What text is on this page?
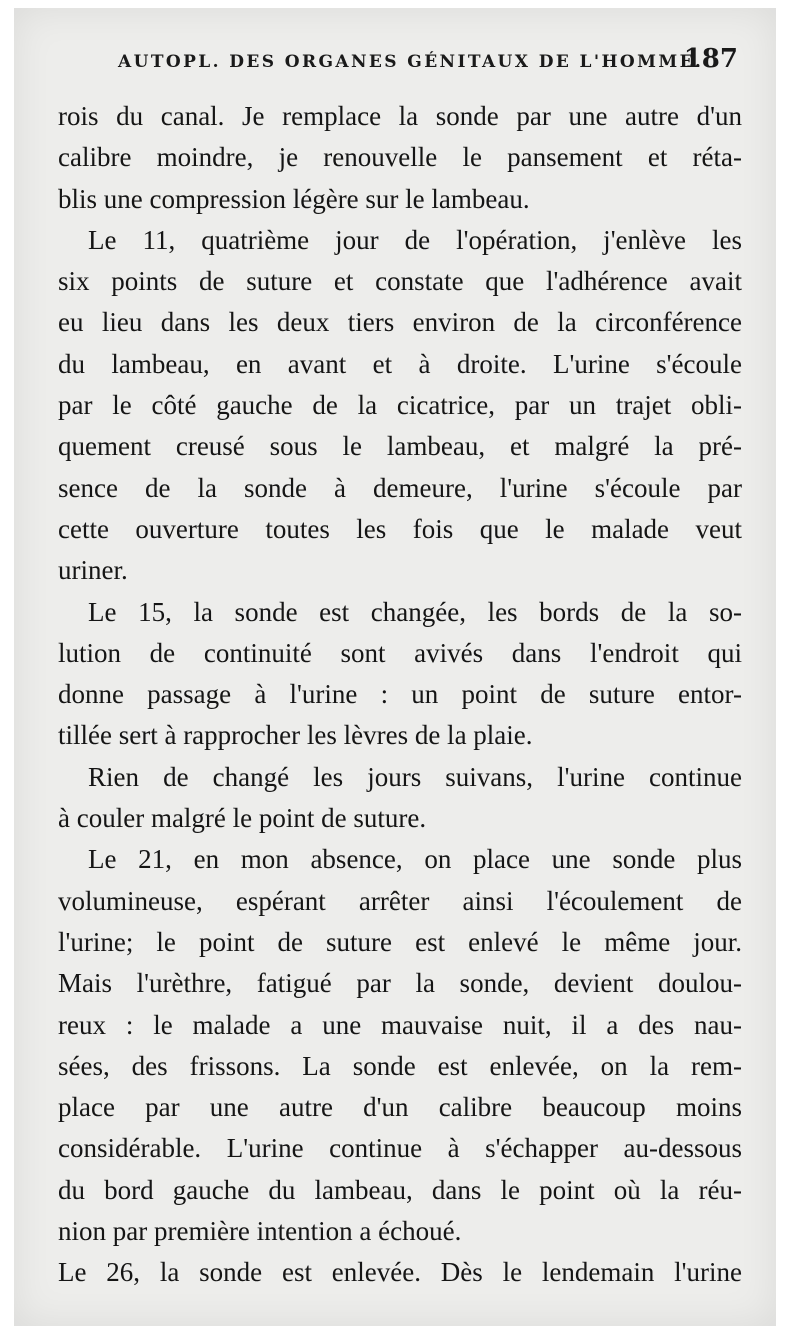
AUTOPL. DES ORGANES GÉNITAUX DE L'HOMME.
187
rois du canal. Je remplace la sonde par une autre d'un
calibre moindre, je renouvelle le pansement et réta-
blis une compression légère sur le lambeau.
Le 11, quatrième jour de l'opération, j'enlève les
six points de suture et constate que l'adhérence avait
eu lieu dans les deux tiers environ de la circonférence
du lambeau, en avant et à droite. L'urine s'écoule
par le côté gauche de la cicatrice, par un trajet obli-
quement creusé sous le lambeau, et malgré la pré-
sence de la sonde à demeure, l'urine s'écoule par
cette ouverture toutes les fois que le malade veut
uriner.
Le 15, la sonde est changée, les bords de la so-
lution de continuité sont avivés dans l'endroit qui
donne passage à l'urine : un point de suture entor-
tillée sert à rapprocher les lèvres de la plaie.
Rien de changé les jours suivans, l'urine continue
à couler malgré le point de suture.
Le 21, en mon absence, on place une sonde plus
volumineuse, espérant arrêter ainsi l'écoulement de
l'urine; le point de suture est enlevé le même jour.
Mais l'urèthre, fatigué par la sonde, devient doulou-
reux : le malade a une mauvaise nuit, il a des nau-
sées, des frissons. La sonde est enlevée, on la rem-
place par une autre d'un calibre beaucoup moins
considérable. L'urine continue à s'échapper au-dessous
du bord gauche du lambeau, dans le point où la réu-
nion par première intention a échoué.
Le 26, la sonde est enlevée. Dès le lendemain l'urine
